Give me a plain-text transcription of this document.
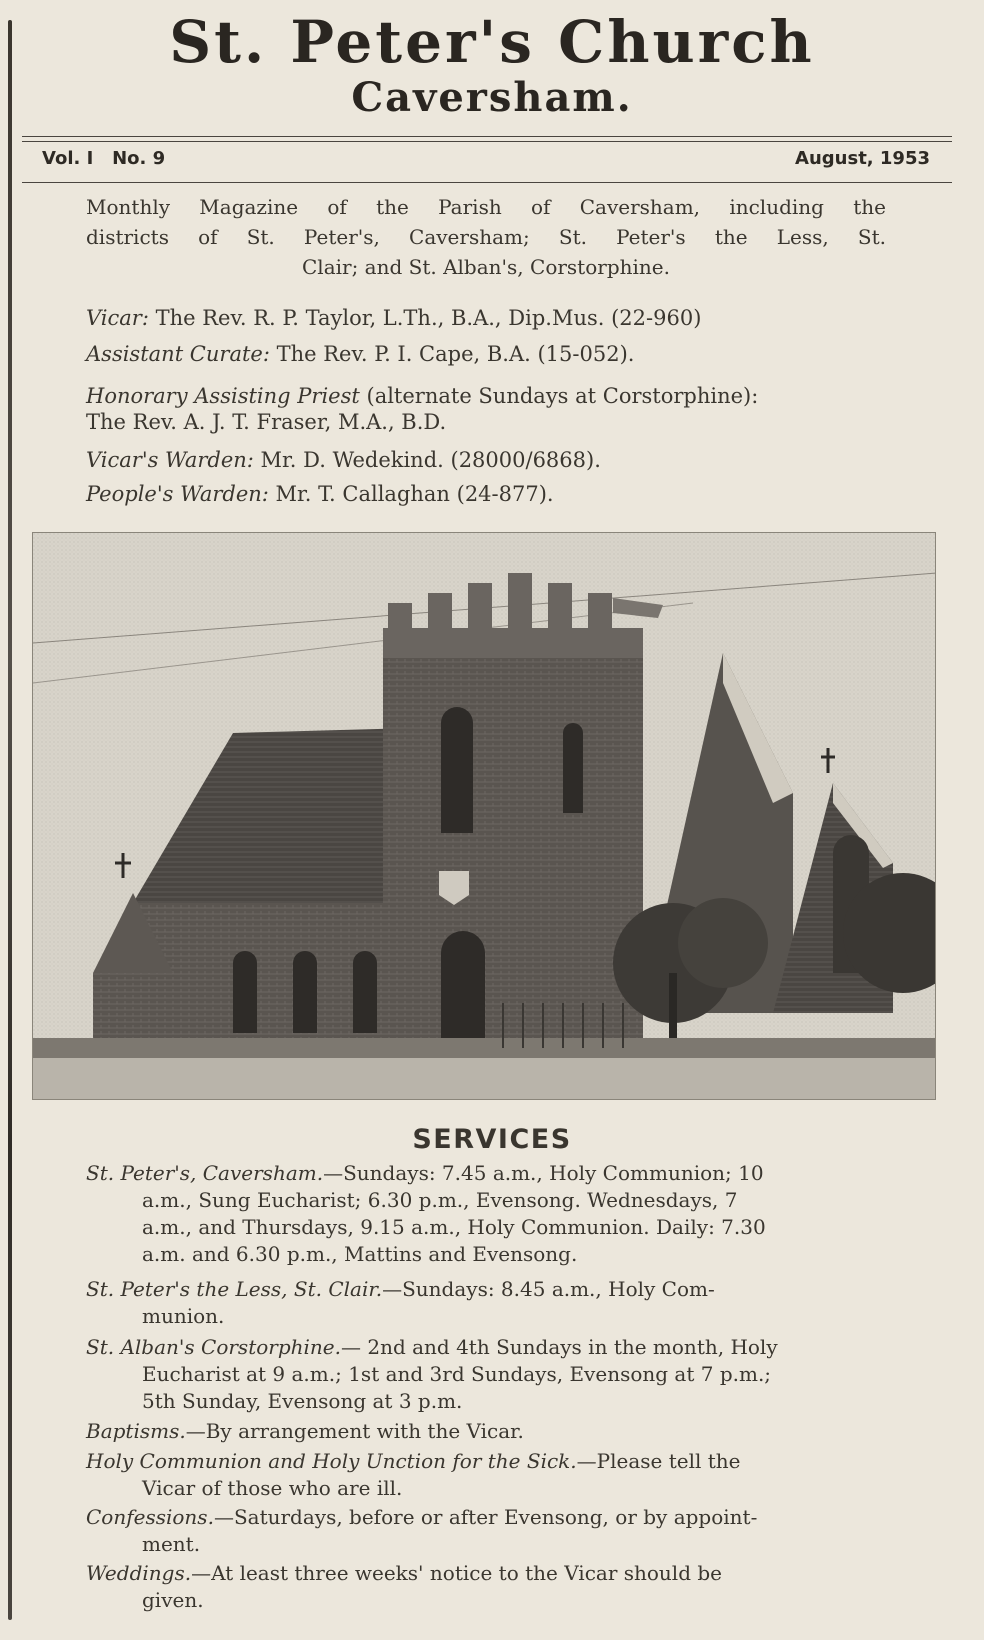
St. Peter's Church
Caversham.
Vol. I No. 9	August, 1953
Monthly Magazine of the Parish of Caversham, including the
districts of St. Peter's, Caversham; St. Peter's the Less, St.
Clair; and St. Alban's, Corstorphine.
Vicar: The Rev. R. P. Taylor, L.Th., B.A., Dip.Mus. (22-960)
Assistant Curate: The Rev. P. I. Cape, B.A. (15-052).
Honorary Assisting Priest (alternate Sundays at Corstorphine):
The Rev. A. J. T. Fraser, M.A., B.D.
Vicar's Warden: Mr. D. Wedekind. (28000/6868).
People's Warden: Mr. T. Callaghan (24-877).
SERVICES
St. Peter's, Caversham.—Sundays: 7.45 a.m., Holy Communion; 10
a.m., Sung Eucharist; 6.30 p.m., Evensong. Wednesdays, 7
a.m., and Thursdays, 9.15 a.m., Holy Communion. Daily: 7.30
a.m. and 6.30 p.m., Mattins and Evensong.
St. Peter's the Less, St. Clair.—Sundays: 8.45 a.m., Holy Com-
munion.
St. Alban's Corstorphine.— 2nd and 4th Sundays in the month, Holy
Eucharist at 9 a.m.; 1st and 3rd Sundays, Evensong at 7 p.m.;
5th Sunday, Evensong at 3 p.m.
Baptisms.—By arrangement with the Vicar.
Holy Communion and Holy Unction for the Sick.—Please tell the
Vicar of those who are ill.
Confessions.—Saturdays, before or after Evensong, or by appoint-
ment.
Weddings.—At least three weeks' notice to the Vicar should be
given.
